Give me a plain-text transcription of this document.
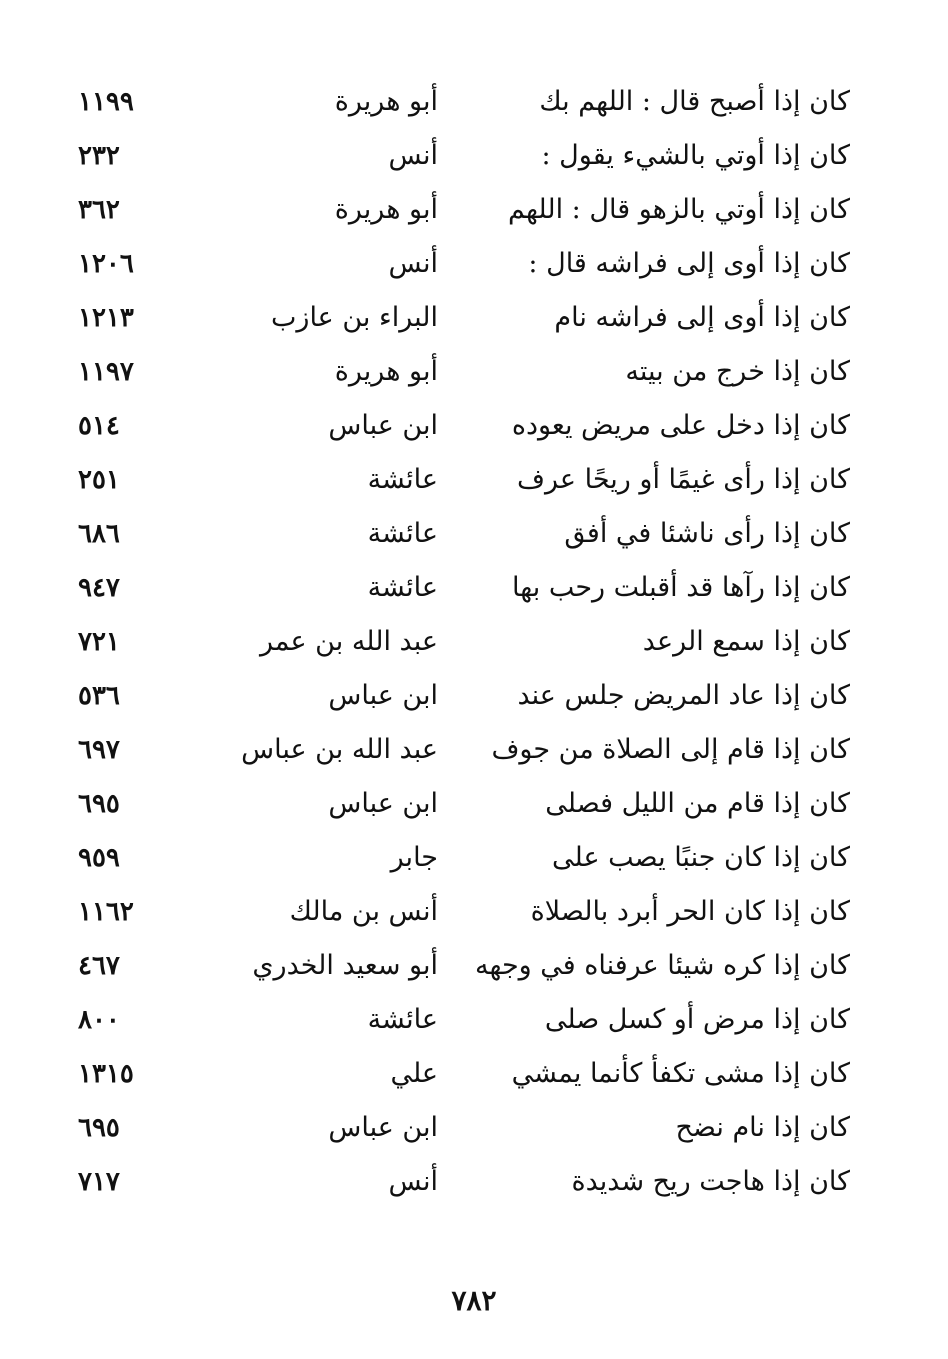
كان إذا أصبح قال : اللهم بك
أبو هريرة
١١٩٩
كان إذا أوتي بالشيء يقول :
أنس
٢٣٢
كان إذا أوتي بالزهو قال : اللهم
أبو هريرة
٣٦٢
كان إذا أوى إلى فراشه قال :
أنس
١٢٠٦
كان إذا أوى إلى فراشه نام
البراء بن عازب
١٢١٣
كان إذا خرج من بيته
أبو هريرة
١١٩٧
كان إذا دخل على مريض يعوده
ابن عباس
٥١٤
كان إذا رأى غيمًا أو ريحًا عرف
عائشة
٢٥١
كان إذا رأى ناشئا في أفق
عائشة
٦٨٦
كان إذا رآها قد أقبلت رحب بها
عائشة
٩٤٧
كان إذا سمع الرعد
عبد الله بن عمر
٧٢١
كان إذا عاد المريض جلس عند
ابن عباس
٥٣٦
كان إذا قام إلى الصلاة من جوف
عبد الله بن عباس
٦٩٧
كان إذا قام من الليل فصلى
ابن عباس
٦٩٥
كان إذا كان جنبًا يصب على
جابر
٩٥٩
كان إذا كان الحر أبرد بالصلاة
أنس بن مالك
١١٦٢
كان إذا كره شيئا عرفناه في وجهه
أبو سعيد الخدري
٤٦٧
كان إذا مرض أو كسل صلى
عائشة
٨٠٠
كان إذا مشى تكفأ كأنما يمشي
علي
١٣١٥
كان إذا نام نضح
ابن عباس
٦٩٥
كان إذا هاجت ريح شديدة
أنس
٧١٧
٧٨٢
